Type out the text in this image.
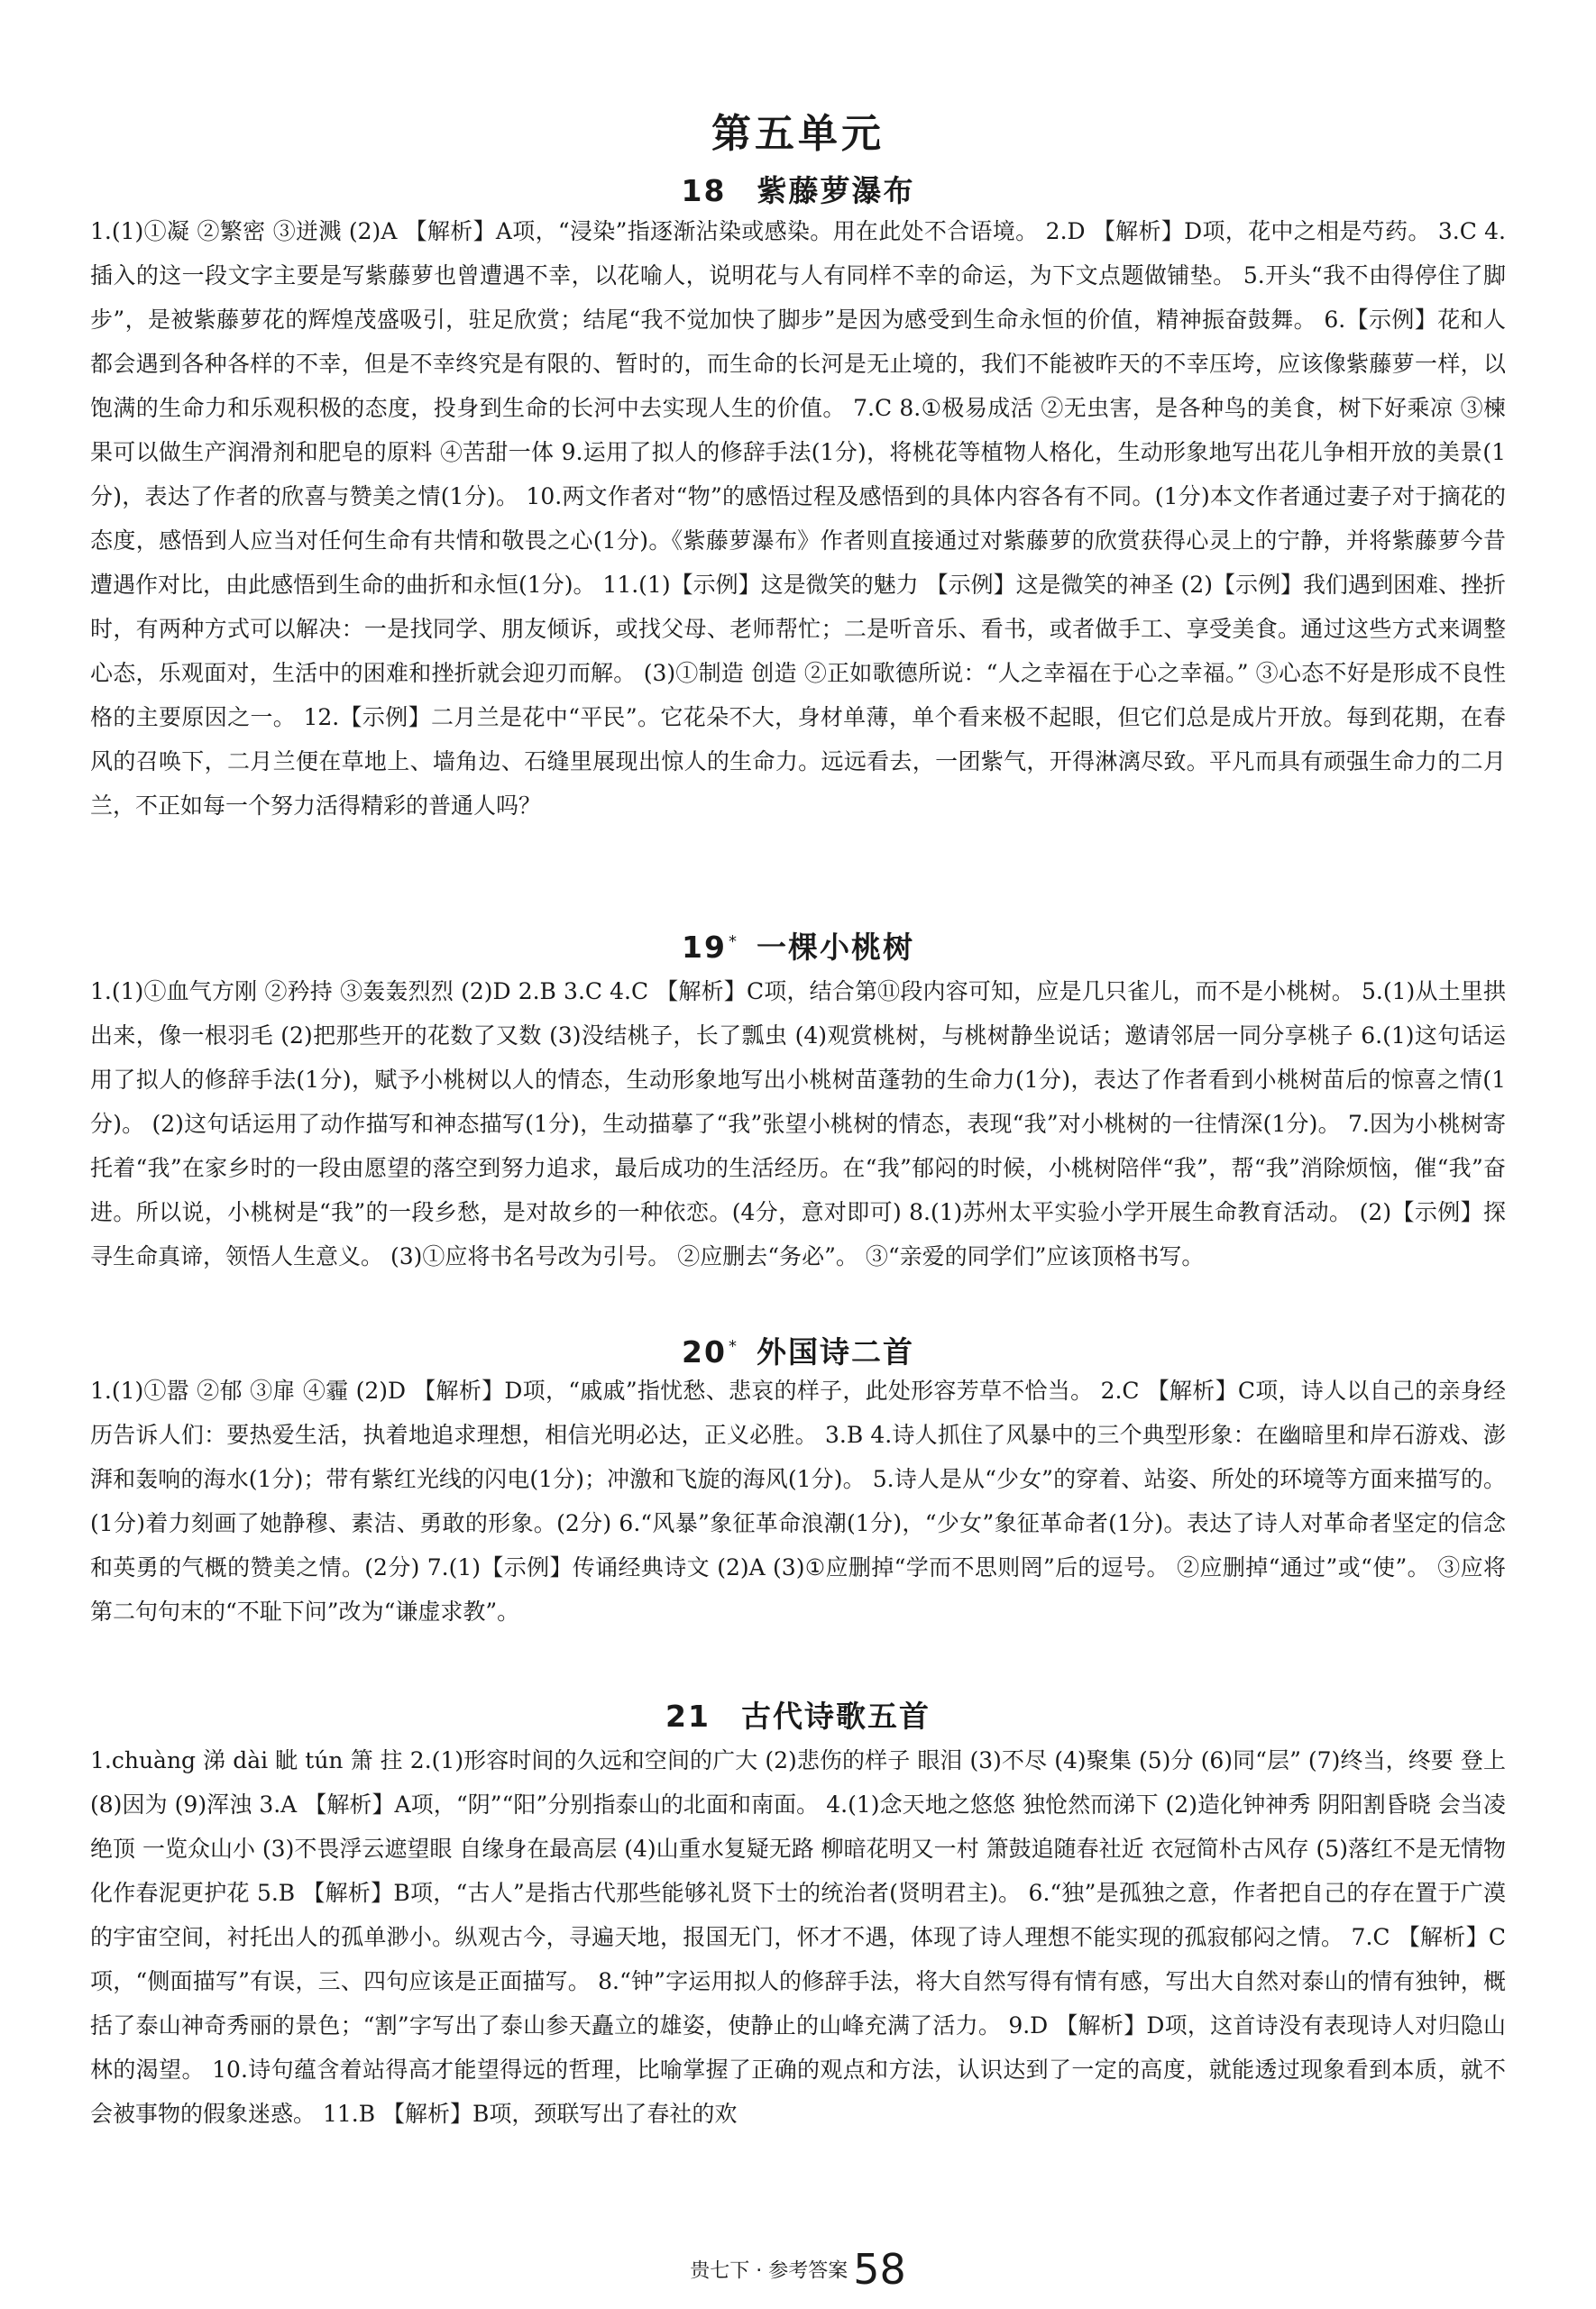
第五单元
18 紫藤萝瀑布
1.(1)①凝 ②繁密 ③迸溅 (2)A 【解析】A项，“浸染”指逐渐沾染或感染。用在此处不合语境。 2.D 【解析】D项，花中之相是芍药。 3.C 4.插入的这一段文字主要是写紫藤萝也曾遭遇不幸，以花喻人，说明花与人有同样不幸的命运，为下文点题做铺垫。 5.开头“我不由得停住了脚步”，是被紫藤萝花的辉煌茂盛吸引，驻足欣赏；结尾“我不觉加快了脚步”是因为感受到生命永恒的价值，精神振奋鼓舞。 6.【示例】花和人都会遇到各种各样的不幸，但是不幸终究是有限的、暂时的，而生命的长河是无止境的，我们不能被昨天的不幸压垮，应该像紫藤萝一样，以饱满的生命力和乐观积极的态度，投身到生命的长河中去实现人生的价值。 7.C 8.①极易成活 ②无虫害，是各种鸟的美食，树下好乘凉 ③楝果可以做生产润滑剂和肥皂的原料 ④苦甜一体 9.运用了拟人的修辞手法(1分)，将桃花等植物人格化，生动形象地写出花儿争相开放的美景(1分)，表达了作者的欣喜与赞美之情(1分)。 10.两文作者对“物”的感悟过程及感悟到的具体内容各有不同。(1分)本文作者通过妻子对于摘花的态度，感悟到人应当对任何生命有共情和敬畏之心(1分)。《紫藤萝瀑布》作者则直接通过对紫藤萝的欣赏获得心灵上的宁静，并将紫藤萝今昔遭遇作对比，由此感悟到生命的曲折和永恒(1分)。 11.(1)【示例】这是微笑的魅力 【示例】这是微笑的神圣 (2)【示例】我们遇到困难、挫折时，有两种方式可以解决：一是找同学、朋友倾诉，或找父母、老师帮忙；二是听音乐、看书，或者做手工、享受美食。通过这些方式来调整心态，乐观面对，生活中的困难和挫折就会迎刃而解。 (3)①制造 创造 ②正如歌德所说：“人之幸福在于心之幸福。” ③心态不好是形成不良性格的主要原因之一。 12.【示例】二月兰是花中“平民”。它花朵不大，身材单薄，单个看来极不起眼，但它们总是成片开放。每到花期，在春风的召唤下，二月兰便在草地上、墙角边、石缝里展现出惊人的生命力。远远看去，一团紫气，开得淋漓尽致。平凡而具有顽强生命力的二月兰，不正如每一个努力活得精彩的普通人吗？
19 * 一棵小桃树
1.(1)①血气方刚 ②矜持 ③轰轰烈烈 (2)D 2.B 3.C 4.C 【解析】C项，结合第⑪段内容可知，应是几只雀儿，而不是小桃树。 5.(1)从土里拱出来，像一根羽毛 (2)把那些开的花数了又数 (3)没结桃子，长了瓢虫 (4)观赏桃树，与桃树静坐说话；邀请邻居一同分享桃子 6.(1)这句话运用了拟人的修辞手法(1分)，赋予小桃树以人的情态，生动形象地写出小桃树苗蓬勃的生命力(1分)，表达了作者看到小桃树苗后的惊喜之情(1分)。 (2)这句话运用了动作描写和神态描写(1分)，生动描摹了“我”张望小桃树的情态，表现“我”对小桃树的一往情深(1分)。 7.因为小桃树寄托着“我”在家乡时的一段由愿望的落空到努力追求，最后成功的生活经历。在“我”郁闷的时候，小桃树陪伴“我”，帮“我”消除烦恼，催“我”奋进。所以说，小桃树是“我”的一段乡愁，是对故乡的一种依恋。(4分，意对即可) 8.(1)苏州太平实验小学开展生命教育活动。 (2)【示例】探寻生命真谛，领悟人生意义。 (3)①应将书名号改为引号。 ②应删去“务必”。 ③“亲爱的同学们”应该顶格书写。
20 * 外国诗二首
1.(1)①嚣 ②郁 ③扉 ④霾 (2)D 【解析】D项，“戚戚”指忧愁、悲哀的样子，此处形容芳草不恰当。 2.C 【解析】C项，诗人以自己的亲身经历告诉人们：要热爱生活，执着地追求理想，相信光明必达，正义必胜。 3.B 4.诗人抓住了风暴中的三个典型形象：在幽暗里和岸石游戏、澎湃和轰响的海水(1分)；带有紫红光线的闪电(1分)；冲激和飞旋的海风(1分)。 5.诗人是从“少女”的穿着、站姿、所处的环境等方面来描写的。(1分)着力刻画了她静穆、素洁、勇敢的形象。(2分) 6.“风暴”象征革命浪潮(1分)，“少女”象征革命者(1分)。表达了诗人对革命者坚定的信念和英勇的气概的赞美之情。(2分) 7.(1)【示例】传诵经典诗文 (2)A (3)①应删掉“学而不思则罔”后的逗号。 ②应删掉“通过”或“使”。 ③应将第二句句末的“不耻下问”改为“谦虚求教”。
21 古代诗歌五首
1.chuàng 涕 dài 眦 tún 箫 拄 2.(1)形容时间的久远和空间的广大 (2)悲伤的样子 眼泪 (3)不尽 (4)聚集 (5)分 (6)同“层” (7)终当，终要 登上 (8)因为 (9)浑浊 3.A 【解析】A项，“阴”“阳”分别指泰山的北面和南面。 4.(1)念天地之悠悠 独怆然而涕下 (2)造化钟神秀 阴阳割昏晓 会当凌绝顶 一览众山小 (3)不畏浮云遮望眼 自缘身在最高层 (4)山重水复疑无路 柳暗花明又一村 箫鼓追随春社近 衣冠简朴古风存 (5)落红不是无情物 化作春泥更护花 5.B 【解析】B项，“古人”是指古代那些能够礼贤下士的统治者(贤明君主)。 6.“独”是孤独之意，作者把自己的存在置于广漠的宇宙空间，衬托出人的孤单渺小。纵观古今，寻遍天地，报国无门，怀才不遇，体现了诗人理想不能实现的孤寂郁闷之情。 7.C 【解析】C项，“侧面描写”有误，三、四句应该是正面描写。 8.“钟”字运用拟人的修辞手法，将大自然写得有情有感，写出大自然对泰山的情有独钟，概括了泰山神奇秀丽的景色；“割”字写出了泰山参天矗立的雄姿，使静止的山峰充满了活力。 9.D 【解析】D项，这首诗没有表现诗人对归隐山林的渴望。 10.诗句蕴含着站得高才能望得远的哲理，比喻掌握了正确的观点和方法，认识达到了一定的高度，就能透过现象看到本质，就不会被事物的假象迷惑。 11.B 【解析】B项，颈联写出了春社的欢
贵七下 · 参考答案 58
